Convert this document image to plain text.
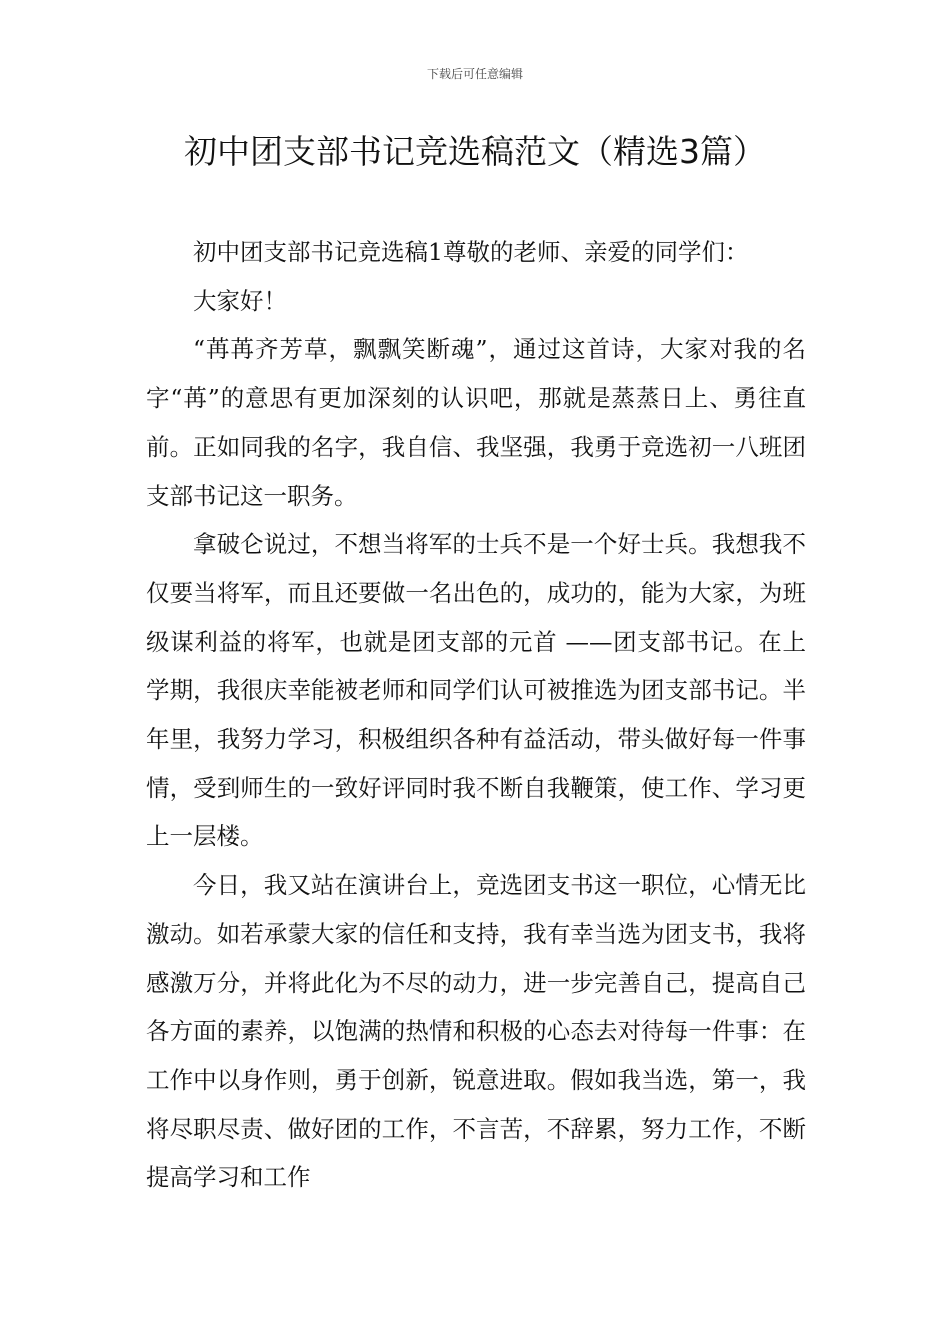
下载后可任意编辑
初中团支部书记竞选稿范文（精选3篇）

初中团支部书记竞选稿1尊敬的老师、亲爱的同学们：

大家好！

“苒苒齐芳草，飘飘笑断魂”，通过这首诗，大家对我的名字“苒”的意思有更加深刻的认识吧，那就是蒸蒸日上、勇往直前。正如同我的名字，我自信、我坚强，我勇于竞选初一八班团支部书记这一职务。

拿破仑说过，不想当将军的士兵不是一个好士兵。我想我不仅要当将军，而且还要做一名出色的，成功的，能为大家，为班级谋利益的将军，也就是团支部的元首 ——团支部书记。在上学期，我很庆幸能被老师和同学们认可被推选为团支部书记。半年里，我努力学习，积极组织各种有益活动，带头做好每一件事情，受到师生的一致好评同时我不断自我鞭策，使工作、学习更上一层楼。

今日，我又站在演讲台上，竞选团支书这一职位，心情无比激动。如若承蒙大家的信任和支持，我有幸当选为团支书，我将感激万分，并将此化为不尽的动力，进一步完善自己，提高自己各方面的素养，以饱满的热情和积极的心态去对待每一件事：在工作中以身作则，勇于创新，锐意进取。假如我当选，第一，我将尽职尽责、做好团的工作，不言苦，不辞累，努力工作，不断提高学习和工作
